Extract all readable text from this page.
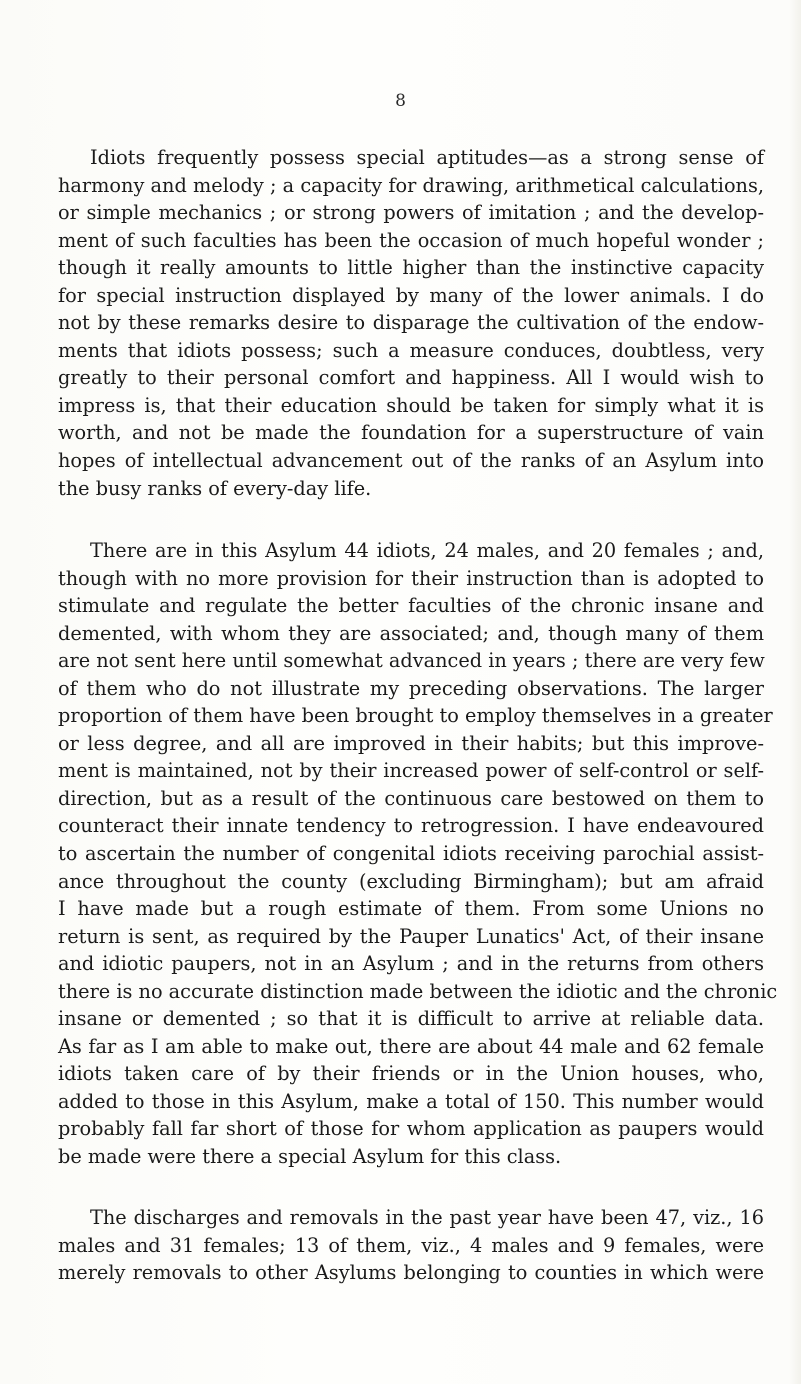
8
Idiots frequently possess special aptitudes—as a strong sense of
harmony and melody ; a capacity for drawing, arithmetical calculations,
or simple mechanics ; or strong powers of imitation ; and the develop-
ment of such faculties has been the occasion of much hopeful wonder ;
though it really amounts to little higher than the instinctive capacity
for special instruction displayed by many of the lower animals. I do
not by these remarks desire to disparage the cultivation of the endow-
ments that idiots possess; such a measure conduces, doubtless, very
greatly to their personal comfort and happiness. All I would wish to
impress is, that their education should be taken for simply what it is
worth, and not be made the foundation for a superstructure of vain
hopes of intellectual advancement out of the ranks of an Asylum into
the busy ranks of every-day life.
There are in this Asylum 44 idiots, 24 males, and 20 females ; and,
though with no more provision for their instruction than is adopted to
stimulate and regulate the better faculties of the chronic insane and
demented, with whom they are associated; and, though many of them
are not sent here until somewhat advanced in years ; there are very few
of them who do not illustrate my preceding observations. The larger
proportion of them have been brought to employ themselves in a greater
or less degree, and all are improved in their habits; but this improve-
ment is maintained, not by their increased power of self-control or self-
direction, but as a result of the continuous care bestowed on them to
counteract their innate tendency to retrogression. I have endeavoured
to ascertain the number of congenital idiots receiving parochial assist-
ance throughout the county (excluding Birmingham); but am afraid
I have made but a rough estimate of them. From some Unions no
return is sent, as required by the Pauper Lunatics' Act, of their insane
and idiotic paupers, not in an Asylum ; and in the returns from others
there is no accurate distinction made between the idiotic and the chronic
insane or demented ; so that it is difficult to arrive at reliable data.
As far as I am able to make out, there are about 44 male and 62 female
idiots taken care of by their friends or in the Union houses, who,
added to those in this Asylum, make a total of 150. This number would
probably fall far short of those for whom application as paupers would
be made were there a special Asylum for this class.
The discharges and removals in the past year have been 47, viz., 16
males and 31 females; 13 of them, viz., 4 males and 9 females, were
merely removals to other Asylums belonging to counties in which were
